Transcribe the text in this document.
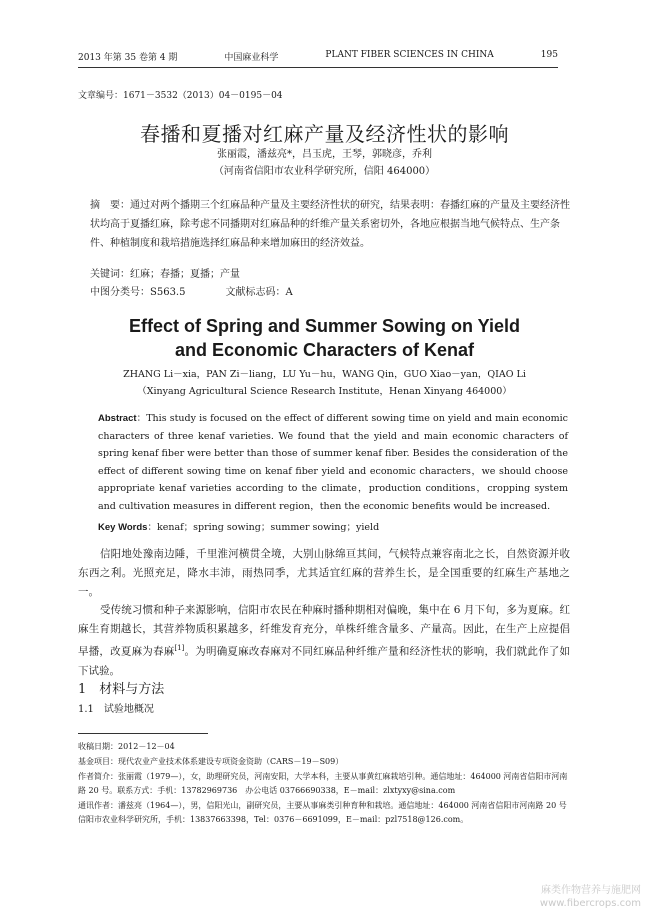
2013 年第 35 卷第 4 期	中国麻业科学	PLANT FIBER SCIENCES IN CHINA	195
文章编号：1671－3532（2013）04－0195－04
春播和夏播对红麻产量及经济性状的影响
张丽霞，潘兹亮*，吕玉虎，王琴，郭晓彦，乔利
（河南省信阳市农业科学研究所，信阳 464000）
摘　要：通过对两个播期三个红麻品种产量及主要经济性状的研究，结果表明：春播红麻的产量及主要经济性状均高于夏播红麻，除考虑不同播期对红麻品种的纤维产量关系密切外，各地应根据当地气候特点、生产条件、种植制度和栽培措施选择红麻品种来增加麻田的经济效益。
关键词：红麻；春播；夏播；产量
中图分类号：S563.5	文献标志码：A
Effect of Spring and Summer Sowing on Yield
and Economic Characters of Kenaf
ZHANG Li－xia，PAN Zi－liang，LU Yu－hu，WANG Qin，GUO Xiao－yan，QIAO Li
（Xinyang Agricultural Science Research Institute，Henan Xinyang 464000）
Abstract：This study is focused on the effect of different sowing time on yield and main economic characters of three kenaf varieties. We found that the yield and main economic characters of spring kenaf fiber were better than those of summer kenaf fiber. Besides the consideration of the effect of different sowing time on kenaf fiber yield and economic characters，we should choose appropriate kenaf varieties according to the climate，production conditions，cropping system and cultivation measures in different region，then the economic benefits would be increased.
Key Words：kenaf；spring sowing；summer sowing；yield
信阳地处豫南边陲，千里淮河横贯全境，大别山脉绵亘其间，气候特点兼容南北之长，自然资源并收东西之利。光照充足，降水丰沛，雨热同季，尤其适宜红麻的营养生长，是全国重要的红麻生产基地之一。
受传统习惯和种子来源影响，信阳市农民在种麻时播种期相对偏晚，集中在 6 月下旬，多为夏麻。红麻生育期越长，其营养物质积累越多，纤维发育充分，单株纤维含量多、产量高。因此，在生产上应提倡早播，改夏麻为春麻[1]。为明确夏麻改春麻对不同红麻品种纤维产量和经济性状的影响，我们就此作了如下试验。
1　材料与方法
1.1　试验地概况
收稿日期：2012－12－04
基金项目：现代农业产业技术体系建设专项资金资助（CARS－19－S09）
作者简介：张丽霞（1979—），女，助理研究员，河南安阳，大学本科，主要从事黄红麻栽培引种。通信地址：464000 河南省信阳市河南路 20 号。联系方式：手机：13782969736　办公电话 03766690338，E－mail：zlxtyxy@sina.com
通讯作者：潘兹亮（1964—），男，信阳光山，副研究员，主要从事麻类引种育种和栽培。通信地址：464000 河南省信阳市河南路 20 号信阳市农业科学研究所，手机：13837663398，Tel：0376－6691099，E－mail：pzl7518@126.com。
麻类作物营养与施肥网
www.fibercrops.com
